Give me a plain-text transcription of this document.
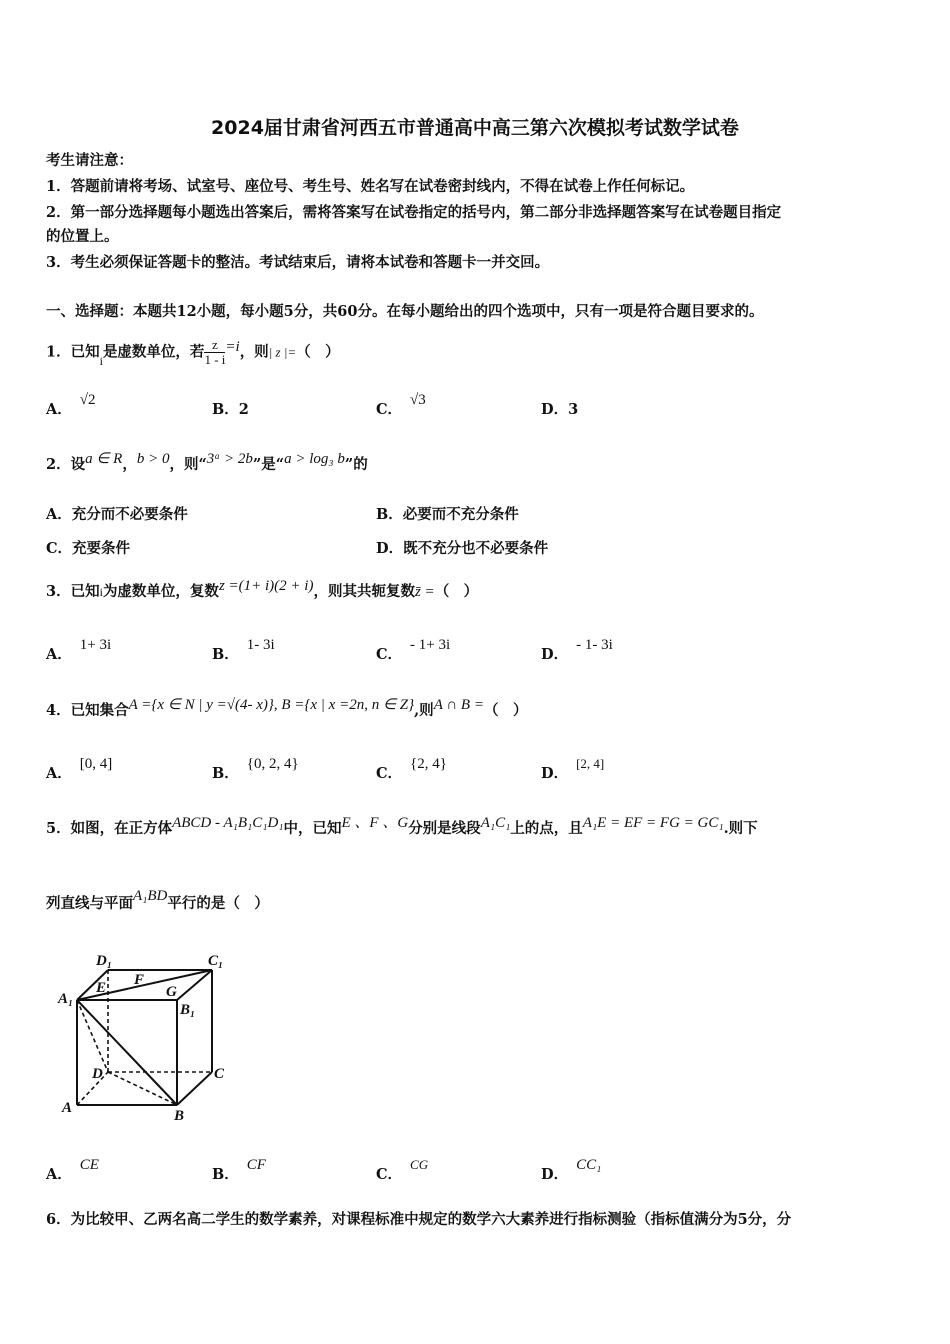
2024届甘肃省河西五市普通高中高三第六次模拟考试数学试卷
考生请注意：
1．答题前请将考场、试室号、座位号、考生号、姓名写在试卷密封线内，不得在试卷上作任何标记。
2．第一部分选择题每小题选出答案后，需将答案写在试卷指定的括号内，第二部分非选择题答案写在试卷题目指定
的位置上。
3．考生必须保证答题卡的整洁。考试结束后，请将本试卷和答题卡一并交回。
一、选择题：本题共12小题，每小题5分，共60分。在每小题给出的四个选项中，只有一项是符合题目要求的。
1．已知$_i$是虚数单位，若 $\frac{z}{1 - i} =i$，则| z |=（　）
A．√2
B．2	C．√3
D．3
2．设a ∈ R，b > 0，则“3ᵃ > 2b”是“a > log₃ b”的
A．充分而不必要条件	B．必要而不充分条件
C．充要条件	D．既不充分也不必要条件
3．已知i为虚数单位，复数z =(1+ i)(2 + i)，则其共轭复数z̄ =（　）
A．1+ 3i
B．1- 3i
C．- 1+ 3i
D．- 1- 3i
4．已知集合A ={x ∈ N | y =√(4- x)}, B ={x | x =2n, n ∈ Z},则A ∩ B =（　）
A．[0, 4]
B．{0, 2, 4}
C．{2, 4}
D．[2, 4]
5．如图，在正方体ABCD - A₁B₁C₁D₁中，已知E 、F 、G分别是线段A₁C₁上的点，且A₁E = EF = FG = GC₁.则下
列直线与平面A₁BD平行的是（　）
D₁	C₁
A₁
E F
G
B₁
D	C
A	B
A．CE
B．CF
C．CG
D．CC₁
6．为比较甲、乙两名高二学生的数学素养，对课程标准中规定的数学六大素养进行指标测验（指标值满分为5分，分
